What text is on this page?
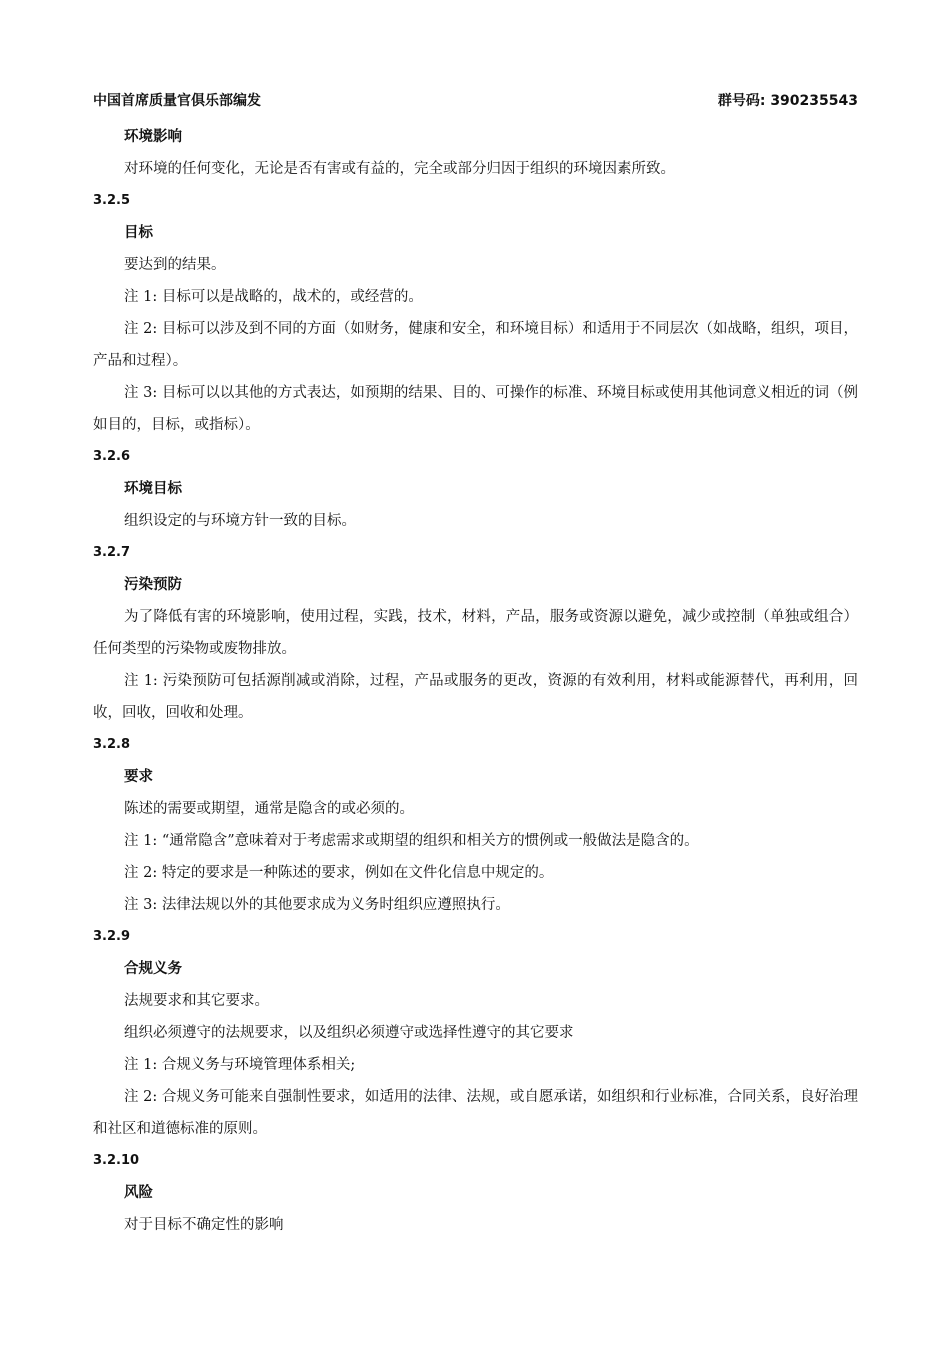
中国首席质量官俱乐部编发	群号码: 390235543
环境影响

对环境的任何变化，无论是否有害或有益的，完全或部分归因于组织的环境因素所致。

3.2.5
目标

要达到的结果。

注 1: 目标可以是战略的，战术的，或经营的。

注 2: 目标可以涉及到不同的方面（如财务，健康和安全，和环境目标）和适用于不同层次（如战略，组织，项目，产品和过程）。

注 3: 目标可以以其他的方式表达，如预期的结果、目的、可操作的标准、环境目标或使用其他词意义相近的词（例如目的，目标，或指标）。

3.2.6
环境目标

组织设定的与环境方针一致的目标。

3.2.7
污染预防

为了降低有害的环境影响，使用过程，实践，技术，材料，产品，服务或资源以避免，减少或控制（单独或组合）任何类型的污染物或废物排放。

注 1: 污染预防可包括源削减或消除，过程，产品或服务的更改，资源的有效利用，材料或能源替代，再利用，回收，回收，回收和处理。

3.2.8
要求

陈述的需要或期望，通常是隐含的或必须的。

注 1: “通常隐含”意味着对于考虑需求或期望的组织和相关方的惯例或一般做法是隐含的。

注 2: 特定的要求是一种陈述的要求，例如在文件化信息中规定的。

注 3: 法律法规以外的其他要求成为义务时组织应遵照执行。

3.2.9
合规义务

法规要求和其它要求。

组织必须遵守的法规要求，以及组织必须遵守或选择性遵守的其它要求

注 1: 合规义务与环境管理体系相关;

注 2: 合规义务可能来自强制性要求，如适用的法律、法规，或自愿承诺，如组织和行业标准，合同关系，良好治理和社区和道德标准的原则。

3.2.10
风险

对于目标不确定性的影响
